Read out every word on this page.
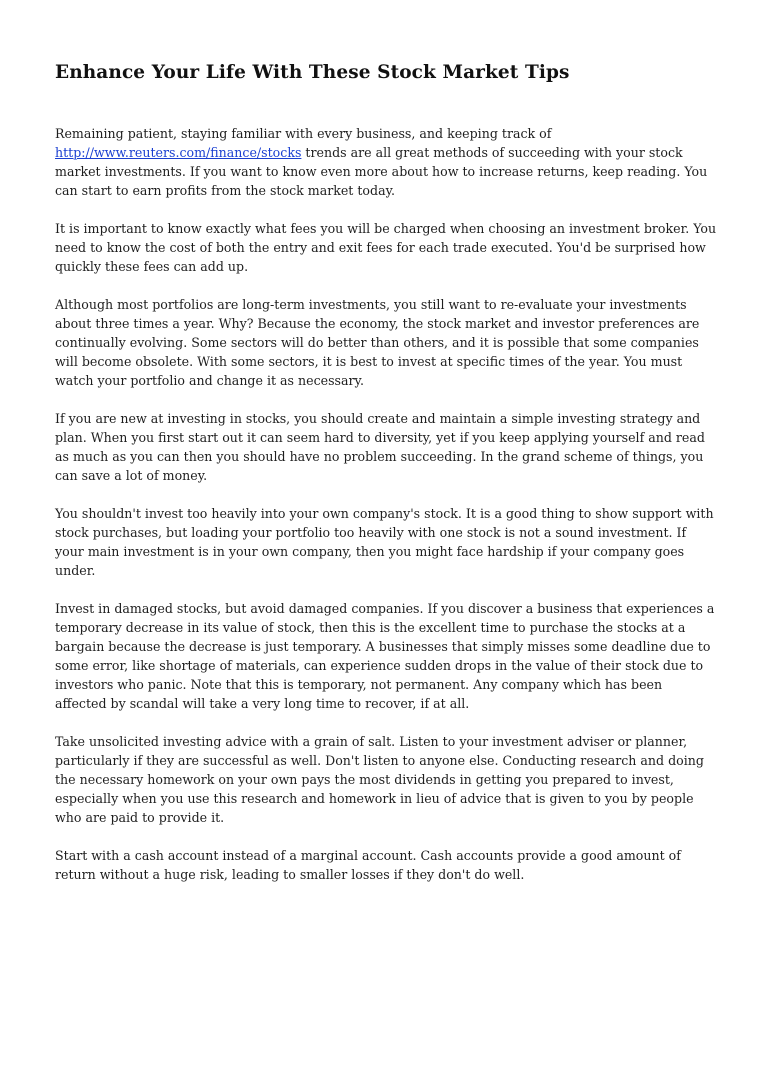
Enhance Your Life With These Stock Market Tips

Remaining patient, staying familiar with every business, and keeping track of http://www.reuters.com/finance/stocks trends are all great methods of succeeding with your stock market investments. If you want to know even more about how to increase returns, keep reading. You can start to earn profits from the stock market today.

It is important to know exactly what fees you will be charged when choosing an investment broker. You need to know the cost of both the entry and exit fees for each trade executed. You'd be surprised how quickly these fees can add up.

Although most portfolios are long-term investments, you still want to re-evaluate your investments about three times a year. Why? Because the economy, the stock market and investor preferences are continually evolving. Some sectors will do better than others, and it is possible that some companies will become obsolete. With some sectors, it is best to invest at specific times of the year. You must watch your portfolio and change it as necessary.

If you are new at investing in stocks, you should create and maintain a simple investing strategy and plan. When you first start out it can seem hard to diversity, yet if you keep applying yourself and read as much as you can then you should have no problem succeeding. In the grand scheme of things, you can save a lot of money.

You shouldn't invest too heavily into your own company's stock. It is a good thing to show support with stock purchases, but loading your portfolio too heavily with one stock is not a sound investment. If your main investment is in your own company, then you might face hardship if your company goes under.

Invest in damaged stocks, but avoid damaged companies. If you discover a business that experiences a temporary decrease in its value of stock, then this is the excellent time to purchase the stocks at a bargain because the decrease is just temporary. A businesses that simply misses some deadline due to some error, like shortage of materials, can experience sudden drops in the value of their stock due to investors who panic. Note that this is temporary, not permanent. Any company which has been affected by scandal will take a very long time to recover, if at all.

Take unsolicited investing advice with a grain of salt. Listen to your investment adviser or planner, particularly if they are successful as well. Don't listen to anyone else. Conducting research and doing the necessary homework on your own pays the most dividends in getting you prepared to invest, especially when you use this research and homework in lieu of advice that is given to you by people who are paid to provide it.

Start with a cash account instead of a marginal account. Cash accounts provide a good amount of return without a huge risk, leading to smaller losses if they don't do well.
